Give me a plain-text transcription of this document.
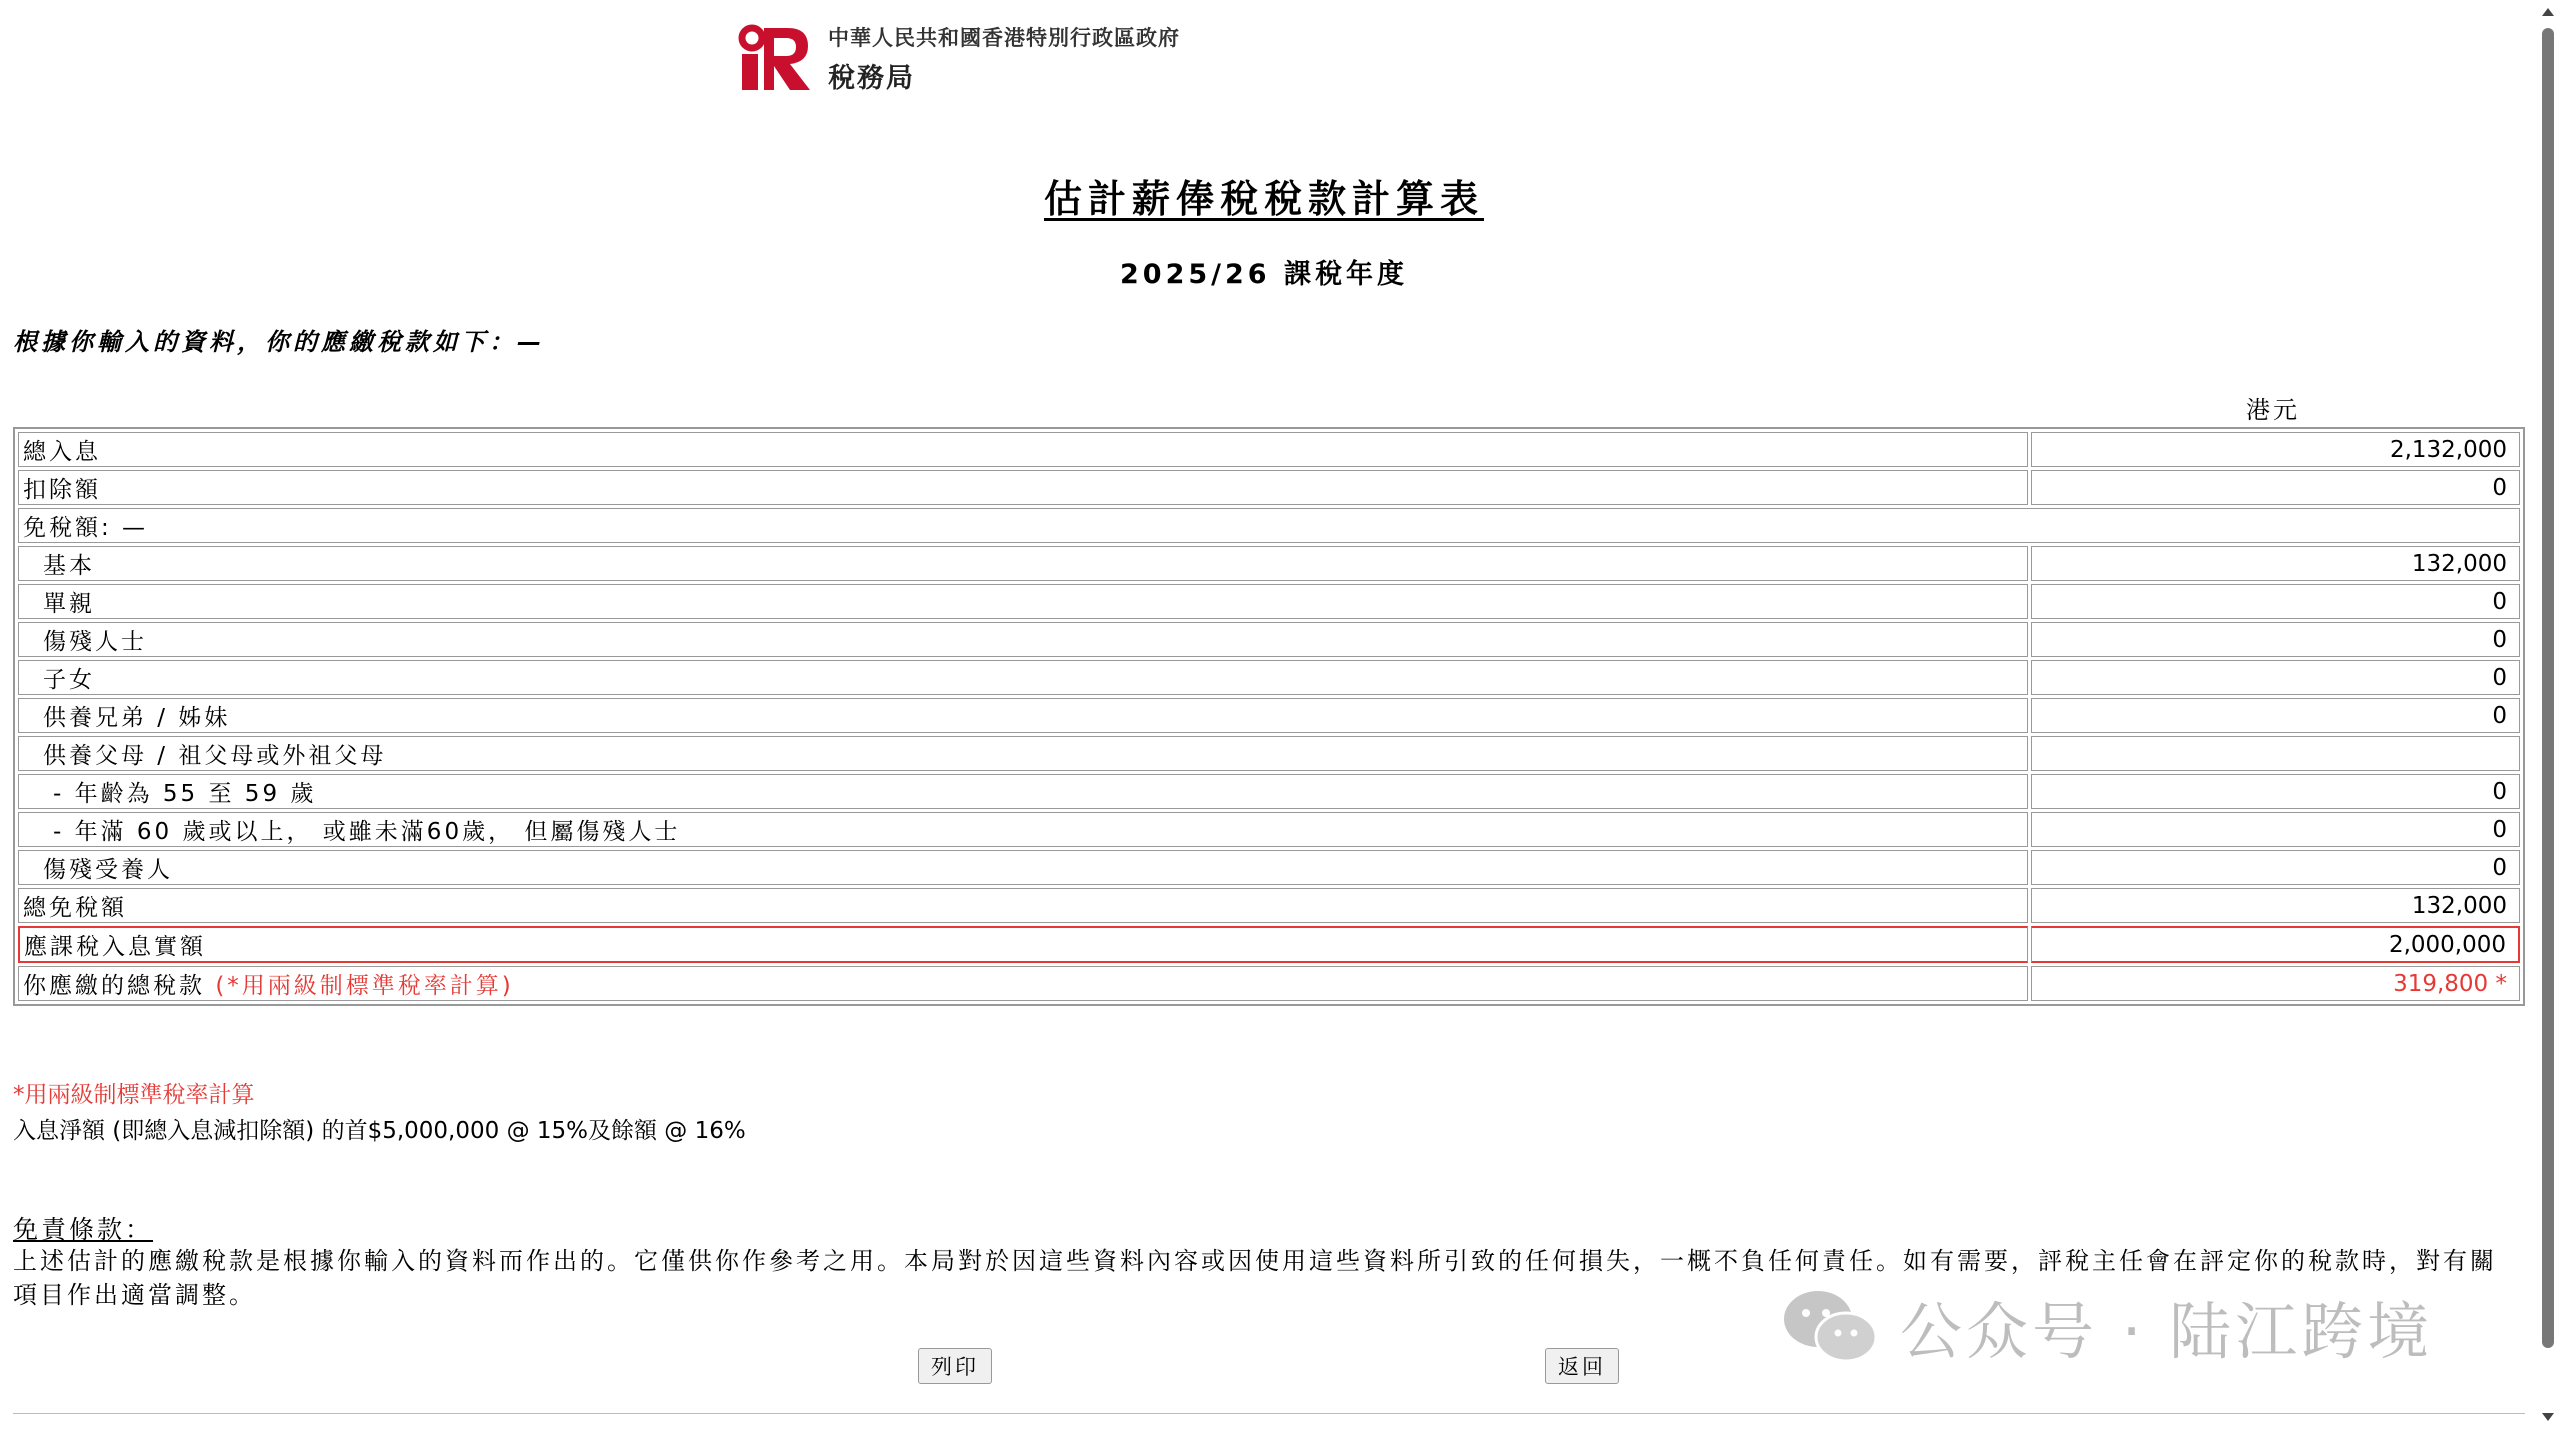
中華人民共和國香港特別行政區政府
稅務局
估計薪俸稅稅款計算表
2025/26 課稅年度
根據你輸入的資料，你的應繳稅款如下：—
港元
總入息	2,132,000
扣除額	0
免稅額: —	
基本	132,000
單親	0
傷殘人士	0
子女	0
供養兄弟 / 姊妹	0
供養父母 / 祖父母或外祖父母	
- 年齡為 55 至 59 歲	0
- 年滿 60 歲或以上， 或雖未滿60歲， 但屬傷殘人士	0
傷殘受養人	0
總免稅額	132,000
應課稅入息實額	2,000,000
你應繳的總稅款 (*用兩級制標準稅率計算)	319,800 *
*用兩級制標準稅率計算
入息淨額 (即總入息減扣除額) 的首$5,000,000 @ 15%及餘額 @ 16%
免責條款：
上述估計的應繳稅款是根據你輸入的資料而作出的。它僅供你作參考之用。本局對於因這些資料內容或因使用這些資料所引致的任何損失，一概不負任何責任。如有需要，評稅主任會在評定你的稅款時，對有關項目作出適當調整。
列印	返回	公众号 · 陆江跨境
